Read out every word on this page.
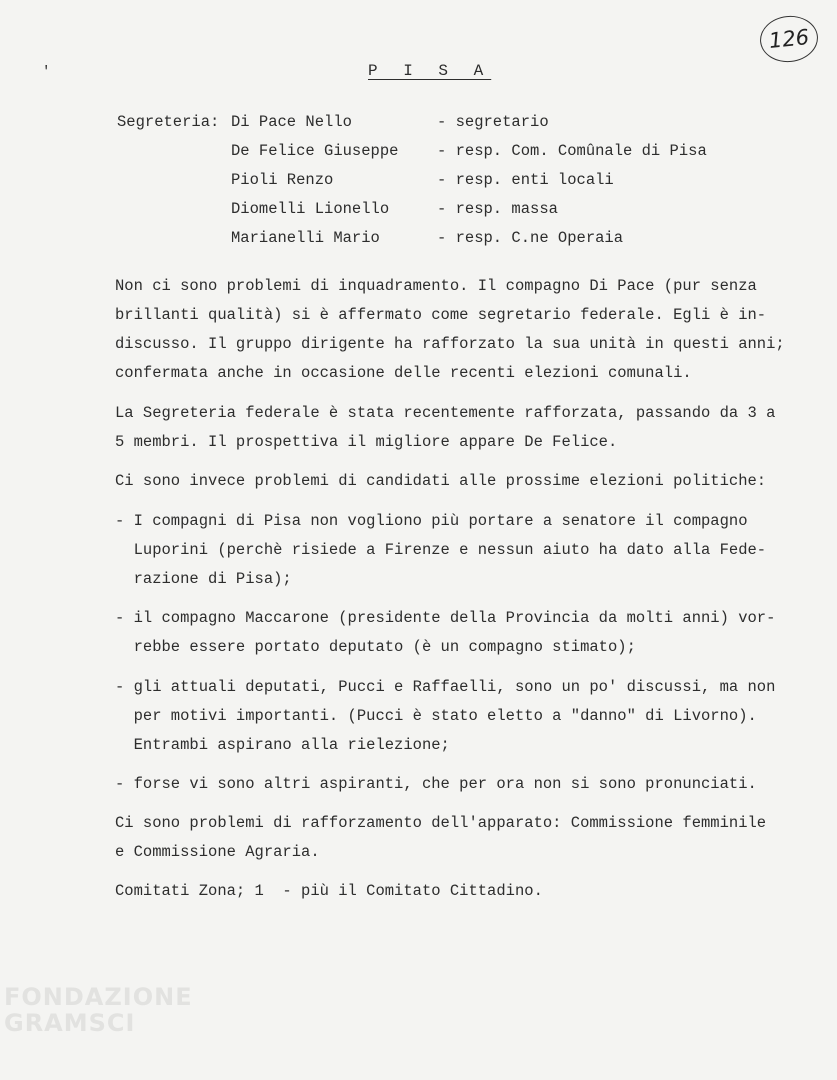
126
'	P I S A
Segreteria: Di Pace Nello	- segretario
De Felice Giuseppe - resp. Com. Comûnale di Pisa
Pioli Renzo	- resp. enti locali
Diomelli Lionello	- resp. massa
Marianelli Mario	- resp. C.ne Operaia
Non ci sono problemi di inquadramento. Il compagno Di Pace (pur senza
brillanti qualità) si è affermato come segretario federale. Egli è in-
discusso. Il gruppo dirigente ha rafforzato la sua unità in questi anni;
confermata anche in occasione delle recenti elezioni comunali.
La Segreteria federale è stata recentemente rafforzata, passando da 3 a
5 membri. Il prospettiva il migliore appare De Felice.
Ci sono invece problemi di candidati alle prossime elezioni politiche:
- I compagni di Pisa non vogliono più portare a senatore il compagno
Luporini (perchè risiede a Firenze e nessun aiuto ha dato alla Fede-
razione di Pisa);
- il compagno Maccarone (presidente della Provincia da molti anni) vor-
rebbe essere portato deputato (è un compagno stimato);
- gli attuali deputati, Pucci e Raffaelli, sono un po' discussi, ma non
per motivi importanti. (Pucci è stato eletto a "danno" di Livorno).
Entrambi aspirano alla rielezione;
- forse vi sono altri aspiranti, che per ora non si sono pronunciati.
Ci sono problemi di rafforzamento dell'apparato: Commissione femminile
e Commissione Agraria.
Comitati Zona; 1  - più il Comitato Cittadino.
FONDAZIONE
GRAMSCI
